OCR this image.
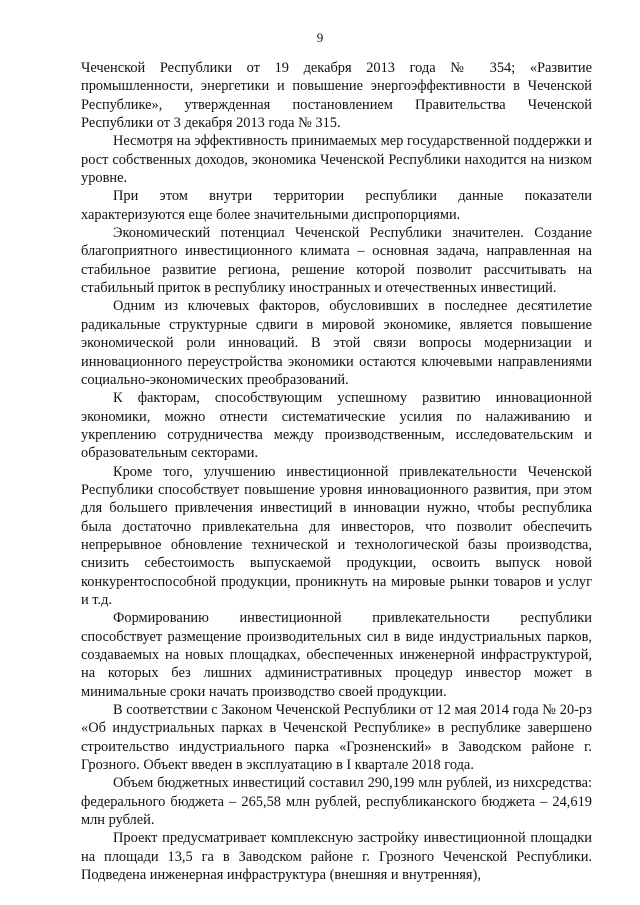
9

Чеченской Республики от 19 декабря 2013 года № 354; «Развитие промышленности, энергетики и повышение энергоэффективности в Чеченской Республике», утвержденная постановлением Правительства Чеченской Республики от 3 декабря 2013 года № 315.

Несмотря на эффективность принимаемых мер государственной поддержки и рост собственных доходов, экономика Чеченской Республики находится на низком уровне.

При этом внутри территории республики данные показатели характеризуются еще более значительными диспропорциями.

Экономический потенциал Чеченской Республики значителен. Создание благоприятного инвестиционного климата – основная задача, направленная на стабильное развитие региона, решение которой позволит рассчитывать на стабильный приток в республику иностранных и отечественных инвестиций.

Одним из ключевых факторов, обусловивших в последнее десятилетие радикальные структурные сдвиги в мировой экономике, является повышение экономической роли инноваций. В этой связи вопросы модернизации и инновационного переустройства экономики остаются ключевыми направлениями социально-экономических преобразований.

К факторам, способствующим успешному развитию инновационной экономики, можно отнести систематические усилия по налаживанию и укреплению сотрудничества между производственным, исследовательским и образовательным секторами.

Кроме того, улучшению инвестиционной привлекательности Чеченской Республики способствует повышение уровня инновационного развития, при этом для большего привлечения инвестиций в инновации нужно, чтобы республика была достаточно привлекательна для инвесторов, что позволит обеспечить непрерывное обновление технической и технологической базы производства, снизить себестоимость выпускаемой продукции, освоить выпуск новой конкурентоспособной продукции, проникнуть на мировые рынки товаров и услуг и т.д.

Формированию инвестиционной привлекательности республики способствует размещение производительных сил в виде индустриальных парков, создаваемых на новых площадках, обеспеченных инженерной инфраструктурой, на которых без лишних административных процедур инвестор может в минимальные сроки начать производство своей продукции.

В соответствии с Законом Чеченской Республики от 12 мая 2014 года № 20-рз «Об индустриальных парках в Чеченской Республике» в республике завершено строительство индустриального парка «Грозненский» в Заводском районе г. Грозного. Объект введен в эксплуатацию в I квартале 2018 года.

Объем бюджетных инвестиций составил 290,199 млн рублей, из нихсредства: федерального бюджета – 265,58 млн рублей, республиканского бюджета – 24,619 млн рублей.

Проект предусматривает комплексную застройку инвестиционной площадки на площади 13,5 га в Заводском районе г. Грозного Чеченской Республики. Подведена инженерная инфраструктура (внешняя и внутренняя),
